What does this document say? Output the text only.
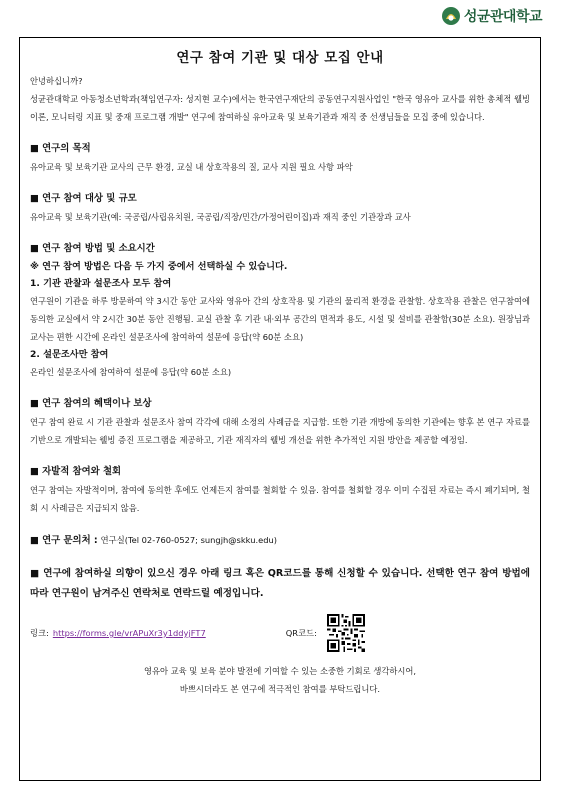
성균관대학교
연구 참여 기관 및 대상 모집 안내

안녕하십니까?

성균관대학교 아동청소년학과(책임연구자: 성지현 교수)에서는 한국연구재단의 공동연구지원사업인 "한국 영유아 교사를 위한 총체적 웰빙 이론, 모니터링 지표 및 중재 프로그램 개발" 연구에 참여하실 유아교육 및 보육기관과 재직 중 선생님들을 모집 중에 있습니다.

■ 연구의 목적

유아교육 및 보육기관 교사의 근무 환경, 교실 내 상호작용의 질, 교사 지원 필요 사항 파악

■ 연구 참여 대상 및 규모

유아교육 및 보육기관(예: 국공립/사립유치원, 국공립/직장/민간/가정어린이집)과 재직 중인 기관장과 교사

■ 연구 참여 방법 및 소요시간

※ 연구 참여 방법은 다음 두 가지 중에서 선택하실 수 있습니다.

1. 기관 관찰과 설문조사 모두 참여

연구원이 기관을 하루 방문하여 약 3시간 동안 교사와 영유아 간의 상호작용 및 기관의 물리적 환경을 관찰함. 상호작용 관찰은 연구참여에 동의한 교실에서 약 2시간 30분 동안 진행됨. 교실 관찰 후 기관 내·외부 공간의 면적과 용도, 시설 및 설비를 관찰함(30분 소요). 원장님과 교사는 편한 시간에 온라인 설문조사에 참여하여 설문에 응답(약 60분 소요)

2. 설문조사만 참여

온라인 설문조사에 참여하여 설문에 응답(약 60분 소요)

■ 연구 참여의 혜택이나 보상

연구 참여 완료 시 기관 관찰과 설문조사 참여 각각에 대해 소정의 사례금을 지급함. 또한 기관 개방에 동의한 기관에는 향후 본 연구 자료를 기반으로 개발되는 웰빙 증진 프로그램을 제공하고, 기관 재직자의 웰빙 개선을 위한 추가적인 지원 방안을 제공할 예정임.

■ 자발적 참여와 철회

연구 참여는 자발적이며, 참여에 동의한 후에도 언제든지 참여를 철회할 수 있음. 참여를 철회할 경우 이미 수집된 자료는 즉시 폐기되며, 철회 시 사례금은 지급되지 않음.

■ 연구 문의처 : 연구실(Tel 02-760-0527; sungjh@skku.edu)

■ 연구에 참여하실 의향이 있으신 경우 아래 링크 혹은 QR코드를 통해 신청할 수 있습니다. 선택한 연구 참여 방법에 따라 연구원이 남겨주신 연락처로 연락드릴 예정입니다.

링크: https://forms.gle/vrAPuXr3y1ddyjFT7	QR코드:
영유아 교육 및 보육 분야 발전에 기여할 수 있는 소중한 기회로 생각하시어,
바쁘시더라도 본 연구에 적극적인 참여를 부탁드립니다.
